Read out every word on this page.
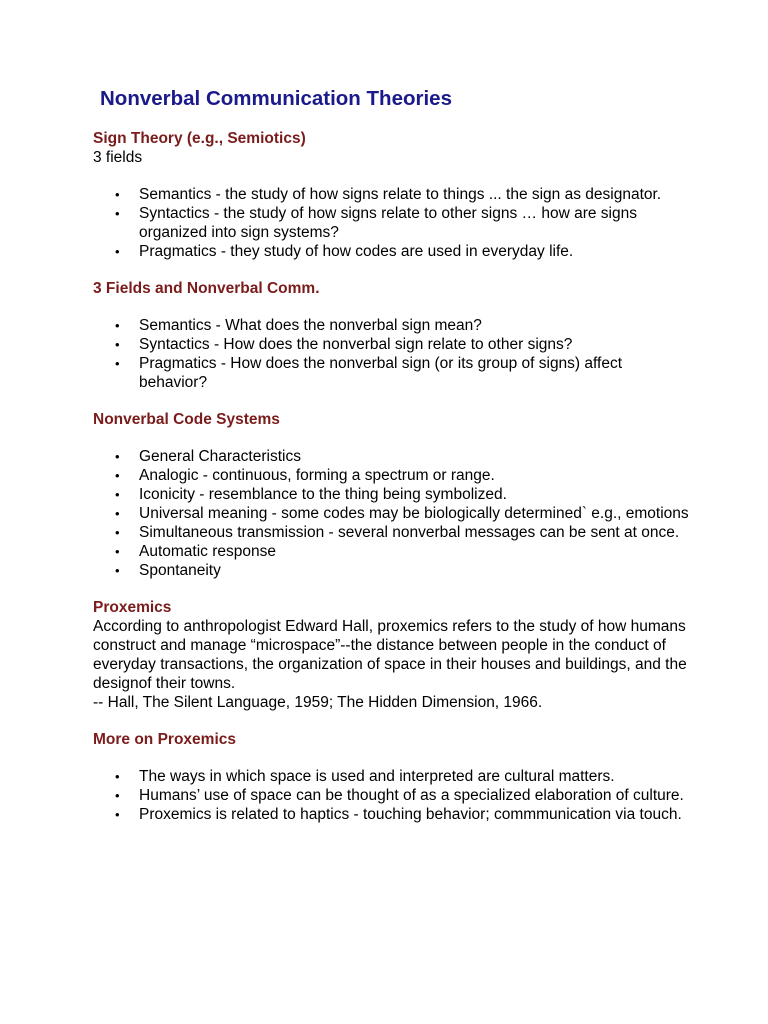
Nonverbal Communication Theories

Sign Theory (e.g., Semiotics)

3 fields

• Semantics - the study of how signs relate to things ... the sign as designator.
• Syntactics - the study of how signs relate to other signs … how are signs organized into sign systems?
• Pragmatics - they study of how codes are used in everyday life.

3 Fields and Nonverbal Comm.

• Semantics - What does the nonverbal sign mean?
• Syntactics - How does the nonverbal sign relate to other signs?
• Pragmatics - How does the nonverbal sign (or its group of signs) affect behavior?

Nonverbal Code Systems

• General Characteristics
• Analogic - continuous, forming a spectrum or range.
• Iconicity - resemblance to the thing being symbolized.
• Universal meaning - some codes may be biologically determined` e.g., emotions
• Simultaneous transmission - several nonverbal messages can be sent at once.
• Automatic response
• Spontaneity

Proxemics

According to anthropologist Edward Hall, proxemics refers to the study of how humans construct and manage “microspace”--the distance between people in the conduct of everyday transactions, the organization of space in their houses and buildings, and the designof their towns.

-- Hall, The Silent Language, 1959; The Hidden Dimension, 1966.

More on Proxemics

• The ways in which space is used and interpreted are cultural matters.
• Humans’ use of space can be thought of as a specialized elaboration of culture.
• Proxemics is related to haptics - touching behavior; commmunication via touch.
